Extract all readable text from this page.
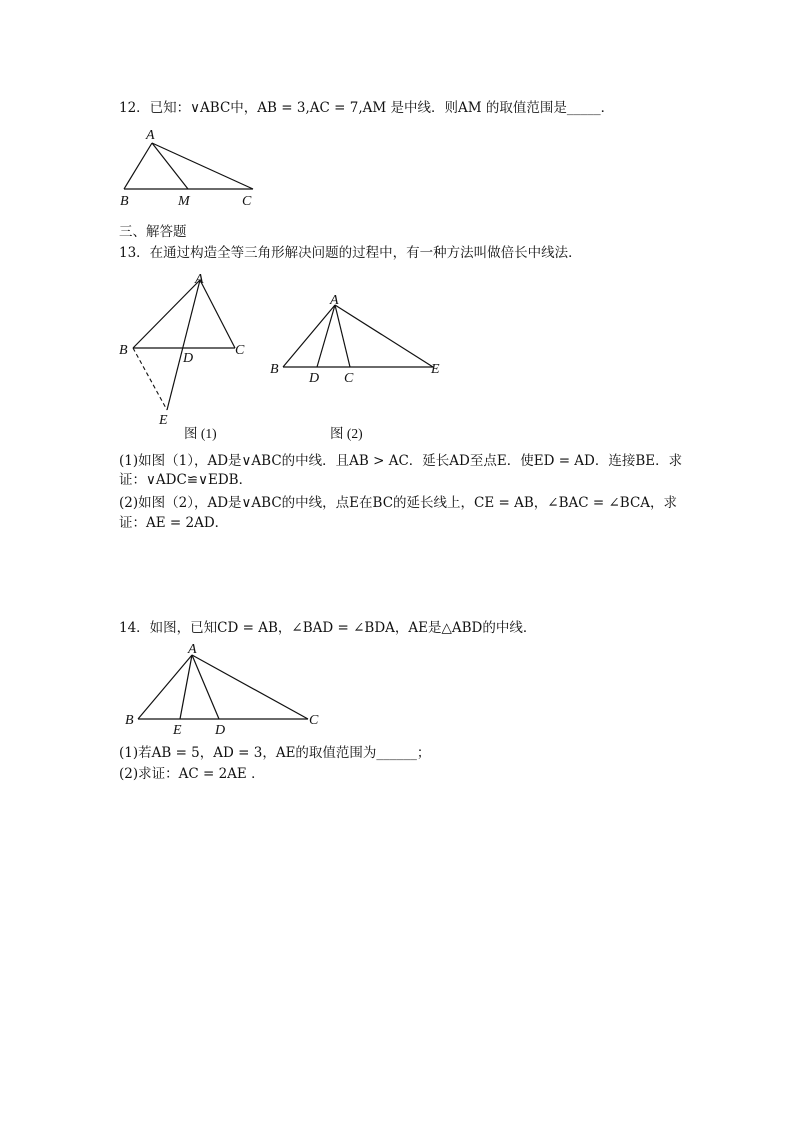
12．已知：∨ABC中，AB = 3,AC = 7,AM 是中线．则AM 的取值范围是_____．
A
B	M	C
三、解答题
13．在通过构造全等三角形解决问题的过程中，有一种方法叫做倍长中线法．
A
B	C
D
E
A
B
D C
E
图 (1)	图 (2)
(1)如图（1），AD是∨ABC的中线．且AB > AC．延长AD至点E．使ED = AD．连接BE．求
证：∨ADC≌∨EDB．
(2)如图（2），AD是∨ABC的中线，点E在BC的延长线上，CE = AB，∠BAC = ∠BCA，求
证：AE = 2AD．
14．如图，已知CD = AB，∠BAD = ∠BDA，AE是△ABD的中线．
A
B
E D
C
(1)若AB = 5，AD = 3，AE的取值范围为______；
(2)求证：AC = 2AE ．
